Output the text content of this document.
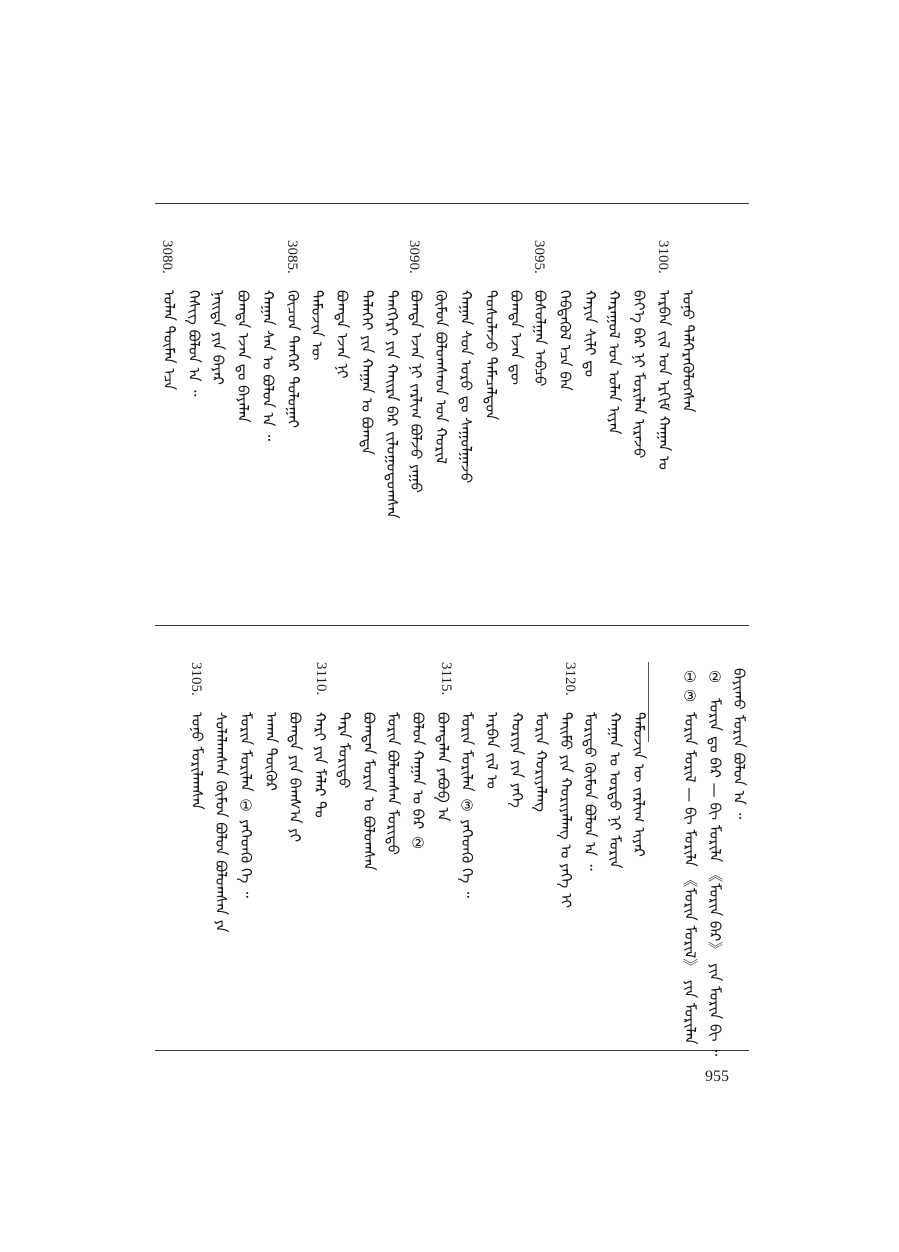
3100.
3095.
3090.
3085.
3080.
ᠣᠨᠣ ᠳᠡᠯᠭᠡᠷᠡᠭᠦᠯᠦᠭᠰᠡᠨ
ᠠᠷᠪᠠᠨ ᠵᠢᠯ ᠤᠨ ᠡᠷᠬᠢᠮ ᠬᠠᠭᠠᠨ ᠤ
ᠪᠡᠶ᠎ᠡ ᠪᠡᠷ ᠨᠢ ᠮᠣᠷᠢᠯᠠᠨ ᠢᠷᠡᠵᠦ
ᠬᠠᠷᠠᠭᠤᠯ ᠤᠨ ᠣᠯᠠᠨ ᠢᠶᠠᠨ
ᠬᠠᠶᠢᠨ ᠰᠢᠯᠢ ᠳᠤ
ᠬᠡᠪᠲᠡᠭᠦᠯ ᠡᠴᠡ ᠪᠡᠨ
ᠪᠤᠰᠤᠯᠭᠠᠨ ᠠᠪᠴᠤ
ᠪᠣᠭᠳᠠ ᠡᠵᠡᠨ ᠳᠦ
ᠲᠤᠰᠤᠯᠠᠵᠤ ᠲᠡᠮᠡᠴᠡᠯᠳᠦᠨ
ᠬᠠᠭᠠᠨ ᠰᠤᠨ ᠣᠷᠣ ᠳᠤ ᠰᠠᠭᠤᠯᠭᠠᠵᠤ
ᠬᠦᠮᠦᠨ ᠪᠣᠯᠤᠭᠰᠠᠳ ᠤᠨ ᠬᠤᠷᠢᠯ
ᠪᠣᠭᠳᠠ ᠡᠵᠡᠨ ᠨᠢ ᠵᠠᠷᠯᠢᠭ ᠪᠣᠯᠵᠤ ᠶᠠᠭᠤ
ᠲᠡᠩᠭᠡᠷᠢ ᠶᠢᠨ ᠬᠠᠢᠷᠠ ᠪᠠᠷ ᠵᠢᠯᠣᠭᠣᠳᠤᠭᠰᠠᠨ
ᠳᠡᠯᠡᠬᠡᠢ ᠶᠢᠨ ᠬᠠᠭᠠᠨ ᠤ ᠪᠣᠭᠳᠠ
ᠪᠣᠭᠳᠠ ᠡᠵᠡᠨ ᠨᠢ
ᠲᠡᠮᠦᠵᠢᠨ ᠦ
ᠬᠦᠴᠦᠨ ᠲᠡᠨᠭᠡᠷ ᠲᠣᠯᠤᠭᠠᠢ
ᠬᠠᠭᠠᠨ ᠰᠡᠨ ᠤ ᠪᠣᠯᠤᠨ ᠠ ᠃
ᠪᠣᠭᠳᠠ ᠡᠵᠡᠨ ᠳᠤ ᠪᠡᠶᠡᠯᠡᠨ
ᠨᠡᠢᠲᠡ ᠶᠢᠨ ᠪᠠᠶᠠᠷ
ᠬᠡᠰᠢᠭ ᠪᠣᠯᠤᠨ ᠠ ᠃
ᠣᠯᠠᠨ ᠲᠦᠮᠡᠨ ᠡᠴᠡ
ᠪᠠᠶᠢᠬᠤ ᠮᠣᠷᠢᠨ ᠪᠣᠯᠤᠨ ᠠ ᠃
②
ᠮᠣᠷᠢᠨ ᠳᠤ ᠪᠡᠷ — ᠪᠢ ᠮᠣᠷᠢᠯᠠ 《ᠮᠣᠷᠢᠨ ᠪᠡᠷ》 ᠶᠢᠨ ᠮᠣᠷᠢᠨ ᠪᠢ ᠃
①③
ᠮᠣᠷᠢᠨ ᠮᠣᠷᠢᠯ — ᠪᠢ ᠮᠣᠷᠢᠯᠠ 《ᠮᠣᠷᠢᠨ ᠮᠣᠷᠢᠯ》 ᠶᠢᠨ ᠮᠣᠷᠢᠯᠠᠨ
3120.
3115.
3110.
3105.
ᠲᠡᠮᠦᠵᠢᠨ ᠦ ᠵᠠᠷᠯᠢᠭ ᠢᠶᠠᠷ
ᠬᠠᠭᠠᠨ ᠤ ᠣᠷᠳᠣ ᠨᠢ ᠮᠣᠷᠢᠨ
ᠮᠣᠷᠢᠳᠤ ᠬᠦᠮᠦᠨ ᠪᠣᠯᠤᠨ ᠠ ᠃
ᠲᠡᠢᠮᠦ ᠶᠢᠨ ᠬᠣᠷᠢᠶᠠᠯᠠᠩ ᠤ ᠶᠡᠬᠡ ᠢ
ᠮᠣᠷᠢᠨ ᠬᠣᠷᠢᠶᠠᠯᠠᠩ
ᠬᠣᠷᠢᠶᠠ ᠶᠢᠨ ᠶᠡᠬᠡ
ᠠᠷᠪᠠᠨ ᠵᠢᠯ ᠤ
ᠮᠣᠷᠢᠨ ᠮᠣᠷᠢᠯᠠᠨ ③ ᠶᠡᠬᠡᠳᠬᠦ ᠭᠡ ᠃
ᠪᠣᠭᠳᠠᠯᠠᠨ ᠶᠠᠪᠤᠪ ᠠ
ᠪᠣᠯᠤᠨ ᠬᠠᠭᠠᠨ ᠤ ᠪᠠᠷ ②
ᠮᠣᠷᠢᠨ ᠪᠣᠯᠤᠭᠰᠠᠨ ᠮᠣᠷᠢᠳᠤ
ᠪᠣᠭᠳᠠᠨ ᠮᠣᠷᠢᠨ ᠤ ᠪᠣᠯᠤᠭᠰᠠᠨ
ᠲᠡᠷᠡ ᠮᠣᠷᠢᠳᠤ
ᠬᠠᠷᠢ ᠶᠢᠨ ᠮᠠᠯᠠᠷ ᠲᠤ
ᠪᠣᠭᠳᠠ ᠶᠢᠨ ᠪᠠᠭᠰ᠎ᠠ ᠶᠢ
ᠠᠬᠠᠨ ᠳᠦᠭᠦᠷ
ᠮᠣᠷᠢᠨ ᠮᠣᠷᠢᠯᠠᠨ ① ᠶᠡᠬᠡᠳᠬᠦ ᠭᠡ ᠃
ᠰᠤᠯᠠᠯᠠᠭᠰᠠᠨ ᠬᠦᠮᠦᠨ ᠪᠣᠯᠤᠨ ᠪᠣᠯᠤᠭᠰᠠᠨ ᠶᠠ
ᠣᠨᠣ ᠮᠣᠷᠢᠯᠠᠭᠰᠠᠨ
955
